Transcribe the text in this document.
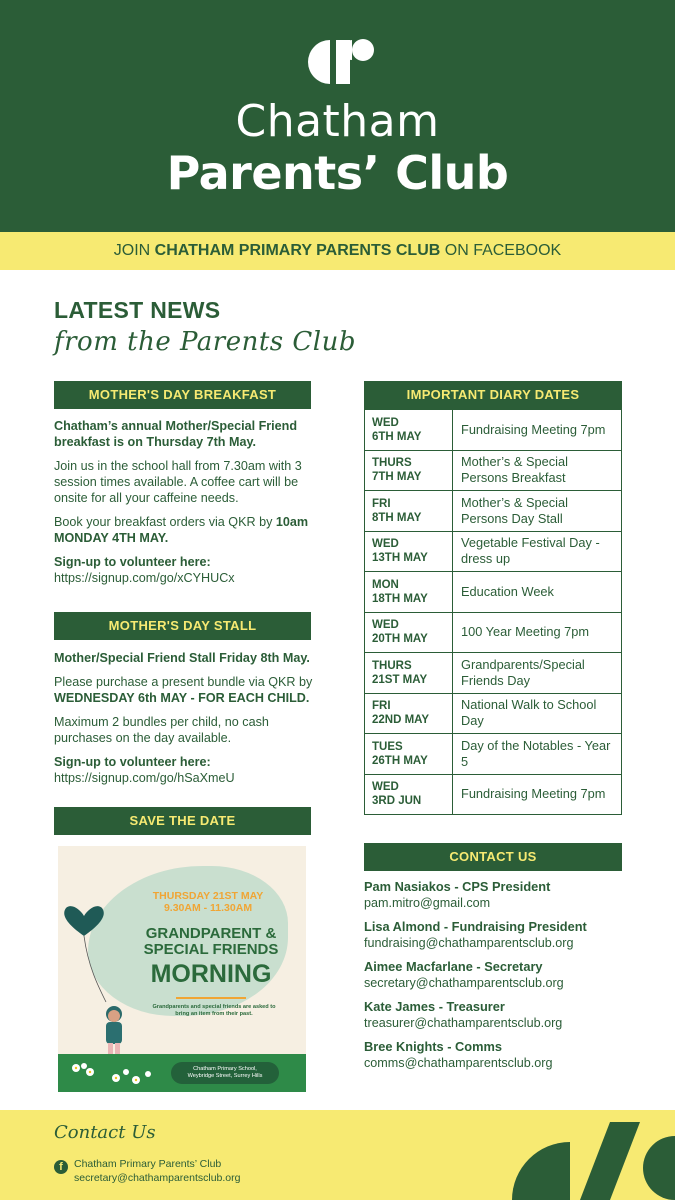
Chatham
Parents’ Club
JOIN CHATHAM PRIMARY PARENTS CLUB ON FACEBOOK
LATEST NEWS
from the Parents Club
MOTHER'S DAY BREAKFAST

Chatham’s annual Mother/Special Friend breakfast is on Thursday 7th May.

Join us in the school hall from 7.30am with 3 session times available. A coffee cart will be onsite for all your caffeine needs.

Book your breakfast orders via QKR by 10am MONDAY 4TH MAY.

Sign-up to volunteer here:
https://signup.com/go/xCYHUCx

MOTHER'S DAY STALL

Mother/Special Friend Stall Friday 8th May.

Please purchase a present bundle via QKR by WEDNESDAY 6th MAY - FOR EACH CHILD.

Maximum 2 bundles per child, no cash purchases on the day available.

Sign-up to volunteer here:
https://signup.com/go/hSaXmeU

SAVE THE DATE
THURSDAY 21ST MAY
9.30AM - 11.30AM
GRANDPARENT & SPECIAL FRIENDS
MORNING
Grandparents and special friends are asked to bring an item from their past.
Chatham Primary School,
Weybridge Street, Surrey Hills
IMPORTANT DIARY DATES
WED
6TH MAY	Fundraising Meeting 7pm

THURS
7TH MAY	Mother’s & Special Persons Breakfast

FRI
8TH MAY	Mother’s & Special Persons Day Stall

WED
13TH MAY	Vegetable Festival Day - dress up

MON
18TH MAY	Education Week

WED
20TH MAY	100 Year Meeting 7pm

THURS
21ST MAY	Grandparents/Special Friends Day

FRI
22ND MAY	National Walk to School Day

TUES
26TH MAY	Day of the Notables - Year 5

WED
3RD JUN	Fundraising Meeting 7pm
CONTACT US
Pam Nasiakos - CPS President
pam.mitro@gmail.com
Lisa Almond - Fundraising President
fundraising@chathamparentsclub.org
Aimee Macfarlane - Secretary
secretary@chathamparentsclub.org
Kate James - Treasurer
treasurer@chathamparentsclub.org
Bree Knights - Comms
comms@chathamparentsclub.org
Contact Us
f Chatham Primary Parents’ Club
secretary@chathamparentsclub.org
